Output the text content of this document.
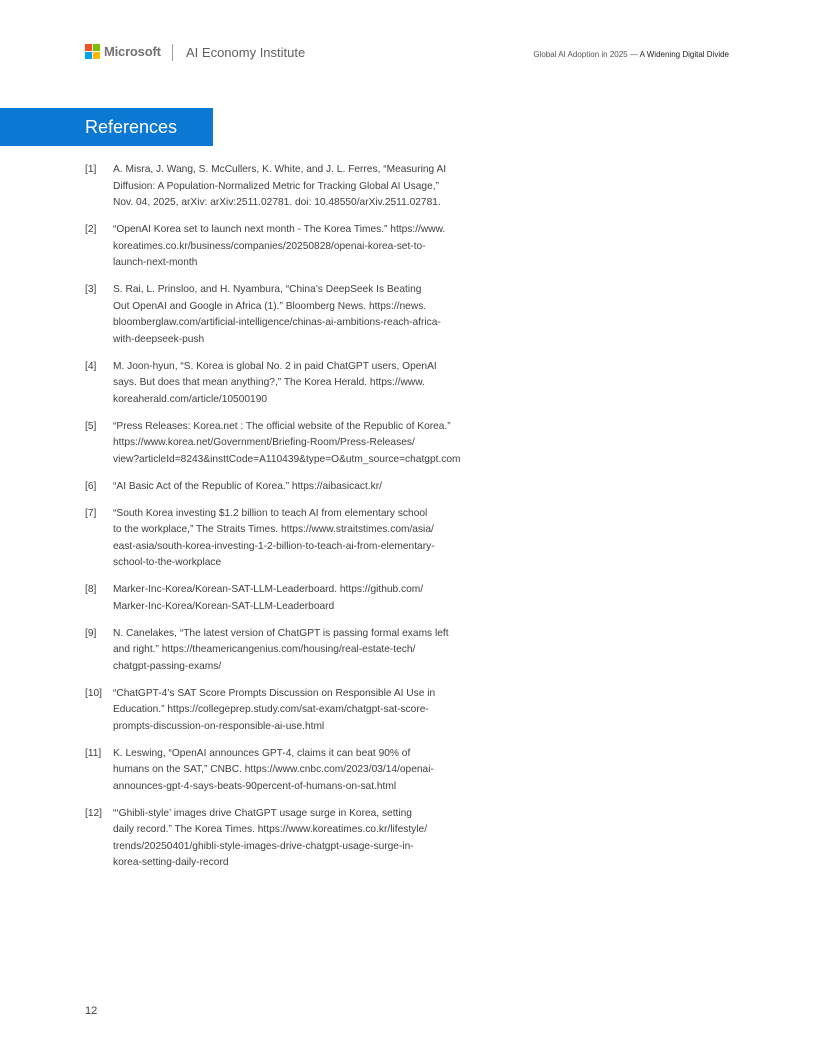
Microsoft AI Economy Institute	Global AI Adoption in 2025 — A Widening Digital Divide
References
[1]	A. Misra, J. Wang, S. McCullers, K. White, and J. L. Ferres, “Measuring AI
Diffusion: A Population-Normalized Metric for Tracking Global AI Usage,”
Nov. 04, 2025, arXiv: arXiv:2511.02781. doi: 10.48550/arXiv.2511.02781.
[2]	“OpenAI Korea set to launch next month - The Korea Times.” https://www.
koreatimes.co.kr/business/companies/20250828/openai-korea-set-to-
launch-next-month
[3]	S. Rai, L. Prinsloo, and H. Nyambura, “China’s DeepSeek Is Beating
Out OpenAI and Google in Africa (1).” Bloomberg News. https://news.
bloomberglaw.com/artificial-intelligence/chinas-ai-ambitions-reach-africa-
with-deepseek-push
[4]	M. Joon-hyun, “S. Korea is global No. 2 in paid ChatGPT users, OpenAI
says. But does that mean anything?,” The Korea Herald. https://www.
koreaherald.com/article/10500190
[5]	“Press Releases: Korea.net : The official website of the Republic of Korea.”
https://www.korea.net/Government/Briefing-Room/Press-Releases/
view?articleId=8243&insttCode=A110439&type=O&utm_source=chatgpt.com
[6]	“AI Basic Act of the Republic of Korea.” https://aibasicact.kr/
[7]	“South Korea investing $1.2 billion to teach AI from elementary school
to the workplace,” The Straits Times. https://www.straitstimes.com/asia/
east-asia/south-korea-investing-1-2-billion-to-teach-ai-from-elementary-
school-to-the-workplace
[8]	Marker-Inc-Korea/Korean-SAT-LLM-Leaderboard. https://github.com/
Marker-Inc-Korea/Korean-SAT-LLM-Leaderboard
[9]	N. Canelakes, “The latest version of ChatGPT is passing formal exams left
and right.” https://theamericangenius.com/housing/real-estate-tech/
chatgpt-passing-exams/
[10]	“ChatGPT-4’s SAT Score Prompts Discussion on Responsible AI Use in
Education.” https://collegeprep.study.com/sat-exam/chatgpt-sat-score-
prompts-discussion-on-responsible-ai-use.html
[11]	K. Leswing, “OpenAI announces GPT-4, claims it can beat 90% of
humans on the SAT,” CNBC. https://www.cnbc.com/2023/03/14/openai-
announces-gpt-4-says-beats-90percent-of-humans-on-sat.html
[12]	“‘Ghibli-style’ images drive ChatGPT usage surge in Korea, setting
daily record.” The Korea Times. https://www.koreatimes.co.kr/lifestyle/
trends/20250401/ghibli-style-images-drive-chatgpt-usage-surge-in-
korea-setting-daily-record
12
